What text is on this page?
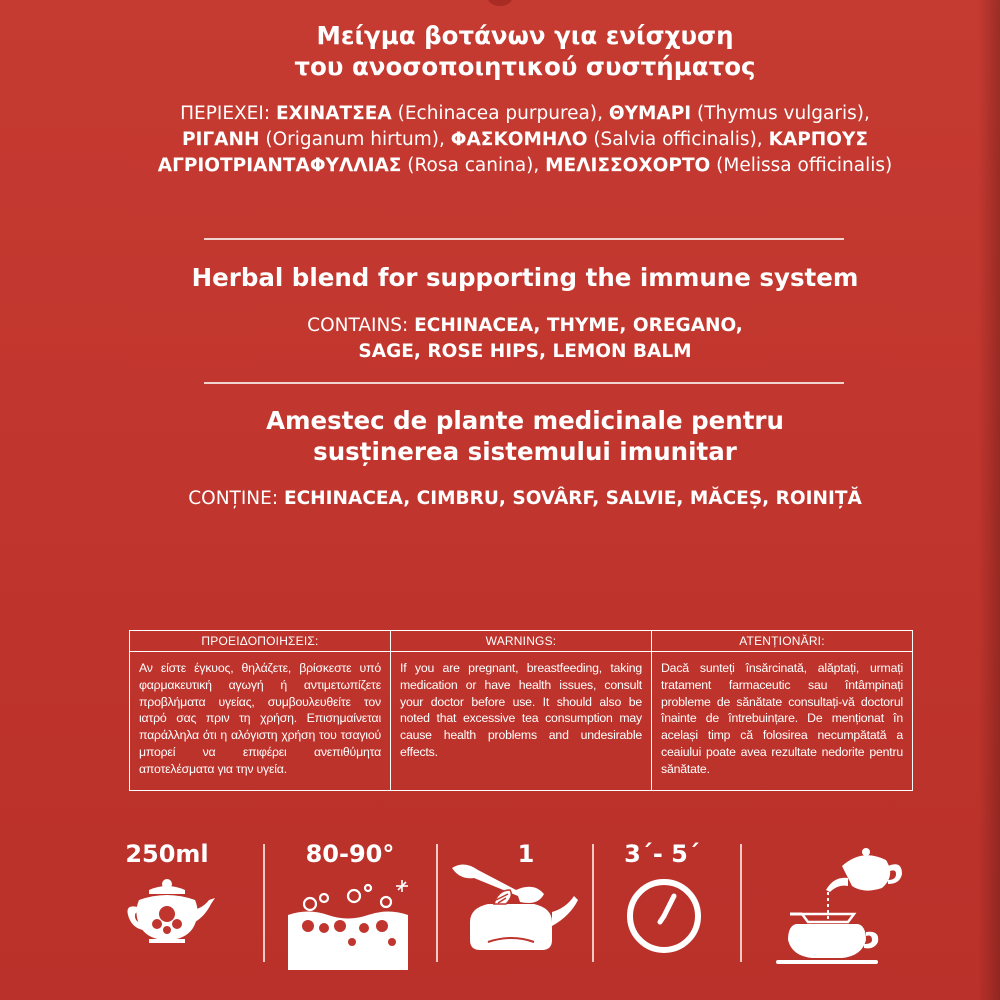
Μείγμα βοτάνων για ενίσχυση
του ανοσοποιητικού συστήματος
ΠΕΡΙΕΧΕΙ: ΕΧΙΝΑΤΣΕΑ (Echinacea purpurea), ΘΥΜΑΡΙ (Thymus vulgaris), ΡΙΓΑΝΗ (Origanum hirtum), ΦΑΣΚΟΜΗΛΟ (Salvia officinalis), ΚΑΡΠΟΥΣ ΑΓΡΙΟΤΡΙΑΝΤΑΦΥΛΛΙΑΣ (Rosa canina), ΜΕΛΙΣΣΟΧΟΡΤΟ (Melissa officinalis)
Herbal blend for supporting the immune system
CONTAINS: ECHINACEA, THYME, OREGANO,
SAGE, ROSE HIPS, LEMON BALM
Amestec de plante medicinale pentru
susținerea sistemului imunitar
CONȚINE: ECHINACEA, CIMBRU, SOVÂRF, SALVIE, MĂCEȘ, ROINIȚĂ
ΠΡΟΕΙΔΟΠΟΙΗΣΕΙΣ:
Αν είστε έγκυος, θηλάζετε, βρίσκεστε υπό φαρμακευτική αγωγή ή αντιμετωπίζετε προβλήματα υγείας, συμβουλευθείτε τον ιατρό σας πριν τη χρήση. Επισημαίνεται παράλληλα ότι η αλόγιστη χρήση του τσαγιού μπορεί να επιφέρει ανεπιθύμητα αποτελέσματα για την υγεία.
WARNINGS:
If you are pregnant, breastfeeding, taking medication or have health issues, consult your doctor before use. It should also be noted that excessive tea consumption may cause health problems and undesirable effects.
ATENȚIONĂRI:
Dacă sunteți însărcinată, alăptați, urmați tratament farmaceutic sau întâmpinați probleme de sănătate consultați-vă doctorul înainte de întrebuințare. De menționat în același timp că folosirea necumpătată a ceaiului poate avea rezultate nedorite pentru sănătate.
250ml	80-90°	1	3´- 5´
